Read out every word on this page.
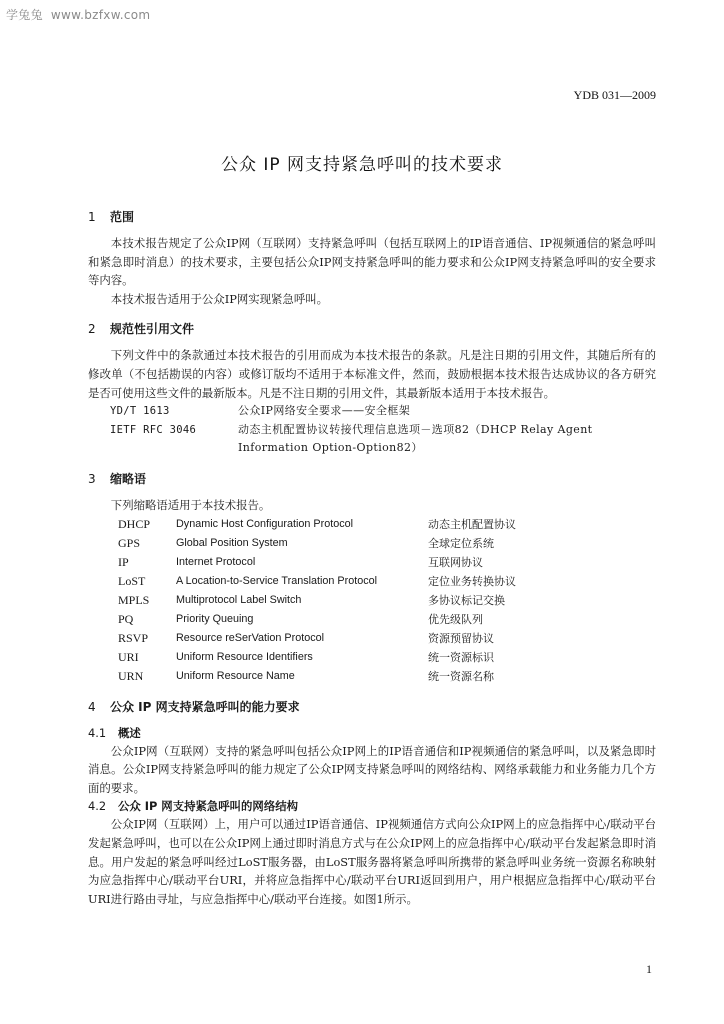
学兔兔 www.bzfxw.com
YDB 031—2009
公众 IP 网支持紧急呼叫的技术要求
1 范围

本技术报告规定了公众IP网（互联网）支持紧急呼叫（包括互联网上的IP语音通信、IP视频通信的紧急呼叫和紧急即时消息）的技术要求，主要包括公众IP网支持紧急呼叫的能力要求和公众IP网支持紧急呼叫的安全要求等内容。

本技术报告适用于公众IP网实现紧急呼叫。

2 规范性引用文件

下列文件中的条款通过本技术报告的引用而成为本技术报告的条款。凡是注日期的引用文件，其随后所有的修改单（不包括勘误的内容）或修订版均不适用于本标准文件，然而，鼓励根据本技术报告达成协议的各方研究是否可使用这些文件的最新版本。凡是不注日期的引用文件，其最新版本适用于本技术报告。

YD/T 1613	公众IP网络安全要求——安全框架
IETF RFC 3046	动态主机配置协议转接代理信息选项－选项82（DHCP Relay Agent Information Option-Option82）
3 缩略语

下列缩略语适用于本技术报告。

DHCP	Dynamic Host Configuration Protocol	动态主机配置协议
GPS	Global Position System	全球定位系统
IP	Internet Protocol	互联网协议
LoST	A Location-to-Service Translation Protocol	定位业务转换协议
MPLS	Multiprotocol Label Switch	多协议标记交换
PQ	Priority Queuing	优先级队列
RSVP	Resource reSerVation Protocol	资源预留协议
URI	Uniform Resource Identifiers	统一资源标识
URN	Uniform Resource Name	统一资源名称
4 公众 IP 网支持紧急呼叫的能力要求
4.1 概述

公众IP网（互联网）支持的紧急呼叫包括公众IP网上的IP语音通信和IP视频通信的紧急呼叫，以及紧急即时消息。公众IP网支持紧急呼叫的能力规定了公众IP网支持紧急呼叫的网络结构、网络承载能力和业务能力几个方面的要求。

4.2 公众 IP 网支持紧急呼叫的网络结构

公众IP网（互联网）上，用户可以通过IP语音通信、IP视频通信方式向公众IP网上的应急指挥中心/联动平台发起紧急呼叫，也可以在公众IP网上通过即时消息方式与在公众IP网上的应急指挥中心/联动平台发起紧急即时消息。用户发起的紧急呼叫经过LoST服务器，由LoST服务器将紧急呼叫所携带的紧急呼叫业务统一资源名称映射为应急指挥中心/联动平台URI，并将应急指挥中心/联动平台URI返回到用户，用户根据应急指挥中心/联动平台URI进行路由寻址，与应急指挥中心/联动平台连接。如图1所示。

1
